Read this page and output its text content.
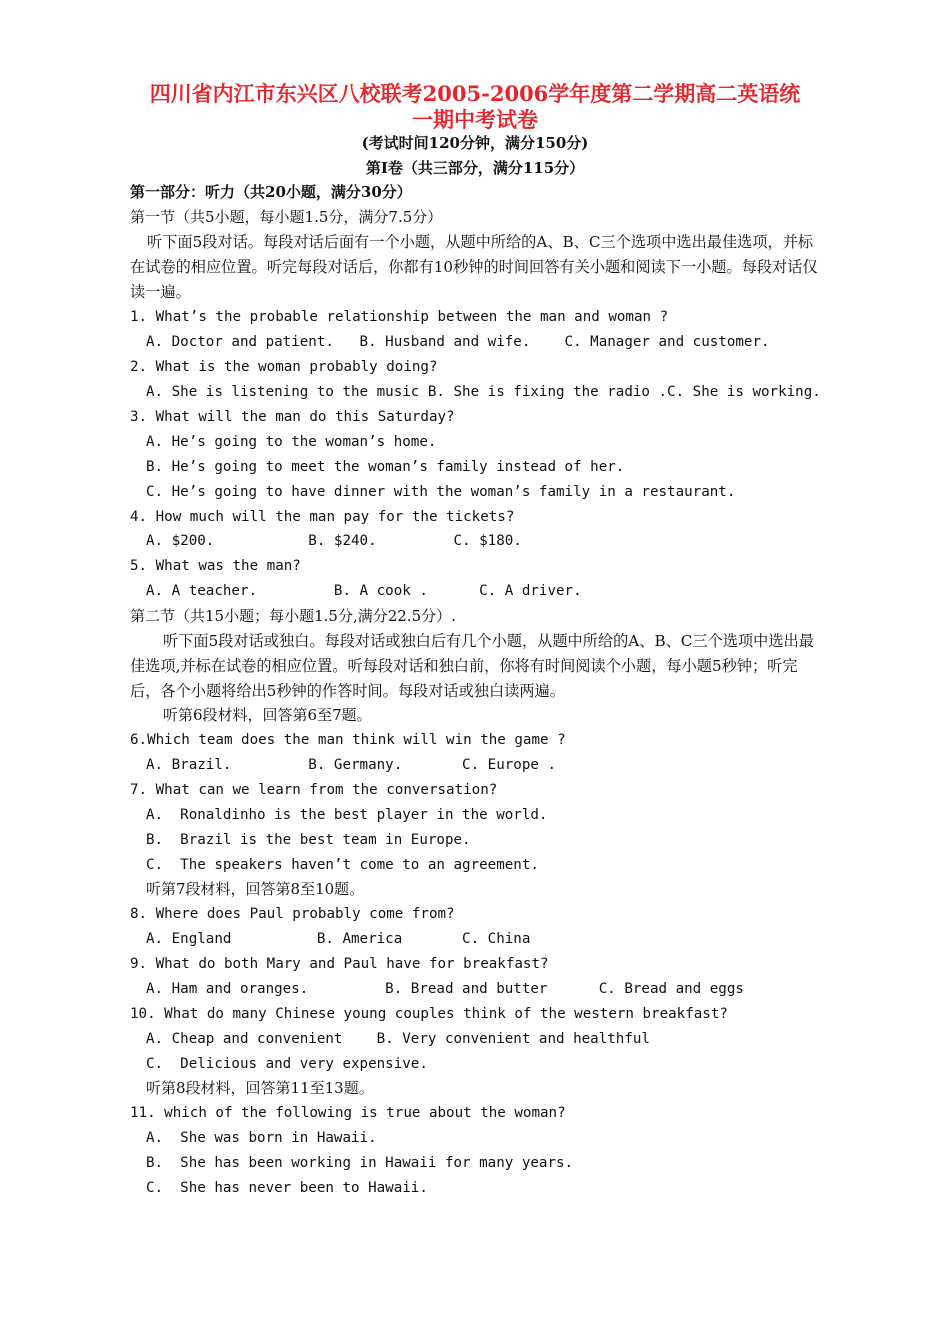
四川省内江市东兴区八校联考2005-2006学年度第二学期高二英语统
一期中考试卷
(考试时间120分钟，满分150分)
第Ⅰ卷（共三部分，满分115分）
第一部分：听力（共20小题，满分30分）
第一节（共5小题，每小题1.5分，满分7.5分）
听下面5段对话。每段对话后面有一个小题，从题中所给的A、B、C三个选项中选出最佳选项，并标在试卷的相应位置。听完每段对话后，你都有10秒钟的时间回答有关小题和阅读下一小题。每段对话仅读一遍。
1. What’s the probable relationship between the man and woman ?
A. Doctor and patient.   B. Husband and wife.    C. Manager and customer.
2. What is the woman probably doing?
A. She is listening to the music B. She is fixing the radio .C. She is working.
3. What will the man do this Saturday?
A. He’s going to the woman’s home.
B. He’s going to meet the woman’s family instead of her.
C. He’s going to have dinner with the woman’s family in a restaurant.
4. How much will the man pay for the tickets?
A. $200.           B. $240.         C. $180.
5. What was the man?
A. A teacher.         B. A cook .      C. A driver.
第二节（共15小题；每小题1.5分,满分22.5分）.
听下面5段对话或独白。每段对话或独白后有几个小题，从题中所给的A、B、C三个选项中选出最佳选项,并标在试卷的相应位置。听每段对话和独白前，你将有时间阅读个小题，每小题5秒钟；听完后，各个小题将给出5秒钟的作答时间。每段对话或独白读两遍。
听第6段材料，回答第6至7题。
6.Which team does the man think will win the game ?
A. Brazil.         B. Germany.       C. Europe .
7. What can we learn from the conversation?
A.  Ronaldinho is the best player in the world.
B.  Brazil is the best team in Europe.
C.  The speakers haven’t come to an agreement.
听第7段材料，回答第8至10题。
8. Where does Paul probably come from?
A. England          B. America       C. China
9. What do both Mary and Paul have for breakfast?
A. Ham and oranges.         B. Bread and butter      C. Bread and eggs
10. What do many Chinese young couples think of the western breakfast?
A. Cheap and convenient    B. Very convenient and healthful
C.  Delicious and very expensive.
听第8段材料，回答第11至13题。
11. which of the following is true about the woman?
A.  She was born in Hawaii.
B.  She has been working in Hawaii for many years.
C.  She has never been to Hawaii.
